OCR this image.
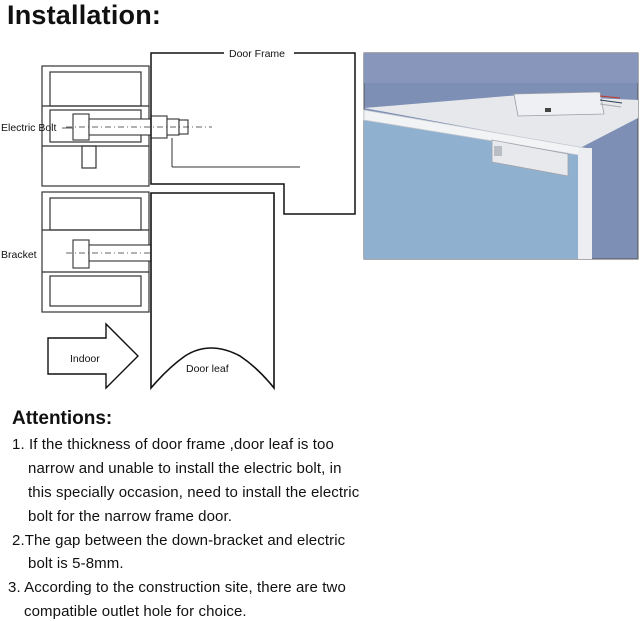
Installation:
Door Frame
Door leaf
Electric Bolt
Bracket
Indoor
Attentions:
1. If the thickness of door frame ,door leaf is too
narrow and unable to install the electric bolt, in
this specially occasion, need to install the electric
bolt for the narrow frame door.
2.The gap between the down-bracket and electric
bolt is 5-8mm.
3. According to the construction site, there are two
compatible outlet hole for choice.
